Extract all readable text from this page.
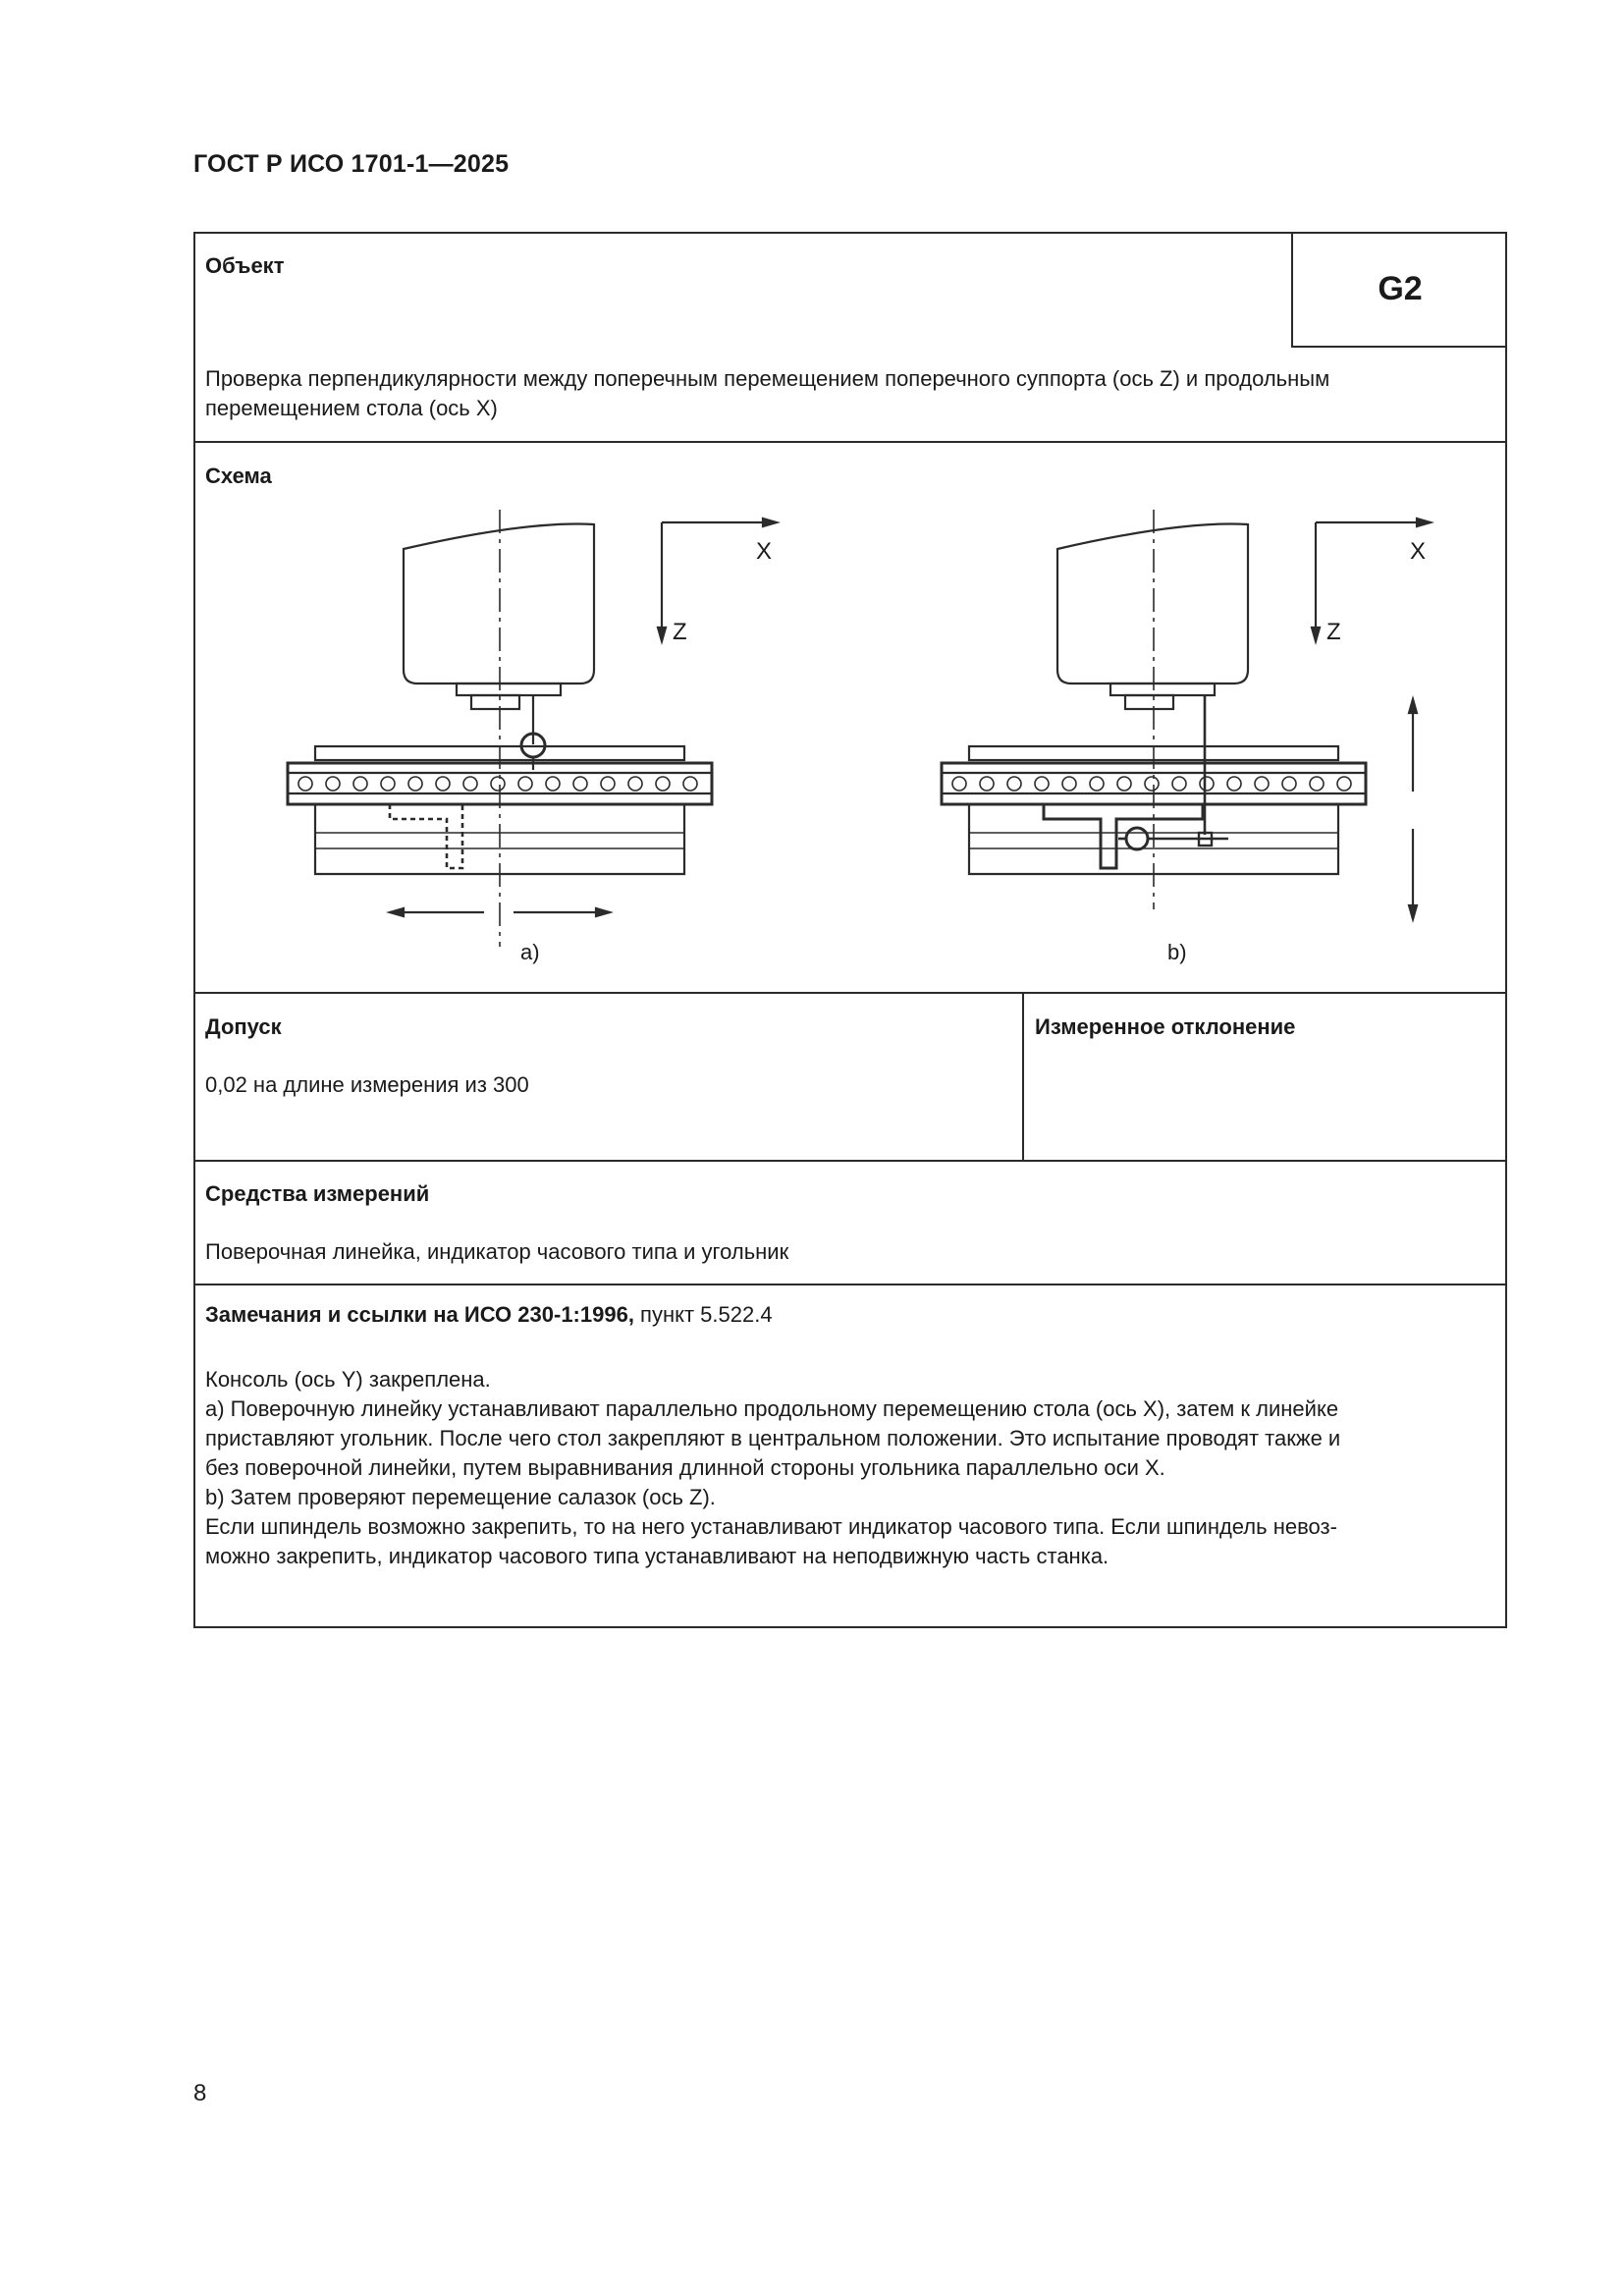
ГОСТ Р ИСО 1701-1—2025
Объект
G2
Проверка перпендикулярности между поперечным перемещением поперечного суппорта (ось Z) и продольным
перемещением стола (ось X)
Схема
X
Z
X
Z
a)	b)
Допуск
0,02 на длине измерения из 300
Измеренное отклонение
Средства измерений
Поверочная линейка, индикатор часового типа и угольник
Замечания и ссылки на ИСО 230-1:1996, пункт 5.522.4

Консоль (ось Y) закреплена.

а) Поверочную линейку устанавливают параллельно продольному перемещению стола (ось X), затем к линейке

приставляют угольник. После чего стол закрепляют в центральном положении. Это испытание проводят также и

без поверочной линейки, путем выравнивания длинной стороны угольника параллельно оси X.

b) Затем проверяют перемещение салазок (ось Z).

Если шпиндель возможно закрепить, то на него устанавливают индикатор часового типа. Если шпиндель невоз-

можно закрепить, индикатор часового типа устанавливают на неподвижную часть станка.

8
